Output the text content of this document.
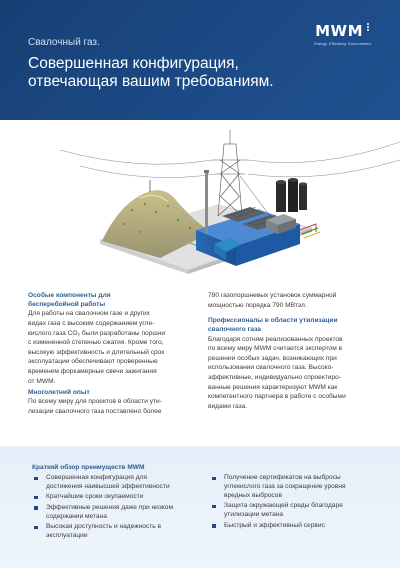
Свалочный газ.
Совершенная конфигурация,
отвечающая вашим требованиям.
MWM
Energy. Efficiency. Environment.
Особые компоненты для
бесперебойной работы
Для работы на свалочном газе и других
видах газа с высоким содержанием угле-
кислого газа CO₂ были разработаны поршни
с измененной степенью сжатия. Кроме того,
высокую эффективность и длительный срок
эксплуатации обеспечивают проверенные
временем форкамерные свечи зажигания
от MWM.
Многолетний опыт
По всему миру для проектов в области ути-
лизации свалочного газа поставлено более
780 газопоршневых установок суммарной
мощностью порядка 790 МВтэл.
Профессионалы в области утилизации
свалочного газа
Благодаря сотням реализованных проектов
по всему миру MWM считается экспертом в
решении особых задач, возникающих при
использовании свалочного газа. Высоко-
эффективные, индивидуально спроектиро-
ванные решения характеризуют MWM как
компетентного партнера в работе с особыми
видами газа.
Краткий обзор преимуществ MWM
Совершенная конфигурация для
достижения наивысшей эффективности
Кратчайшие сроки окупаемости
Эффективные решения даже при низком
содержании метана
Высокая доступность и надежность в
эксплуатации
Получение сертификатов на выбросы
углекислого газа за сокращение уровня
вредных выбросов
Защита окружающей среды благодаря
утилизации метана
Быстрый и эффективный сервис
